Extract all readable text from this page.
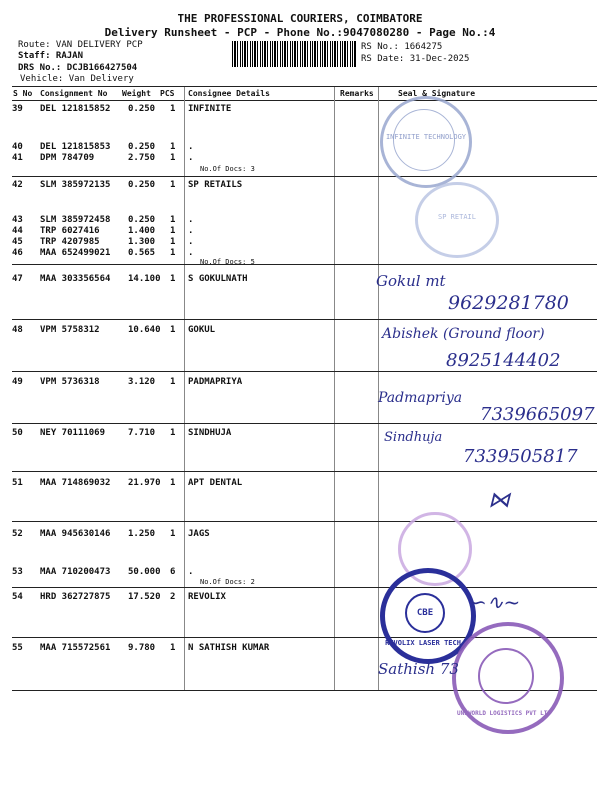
THE PROFESSIONAL COURIERS, COIMBATORE
Delivery Runsheet - PCP - Phone No.:9047080280 - Page No.:4
Route: VAN DELIVERY PCP
Staff: RAJAN
DRS No.: DCJB166427504
Vehicle: Van Delivery
RS No.: 1664275
RS Date: 31-Dec-2025
S No Consignment No Weight PCS Consignee Details	Remarks	Seal & Signature
39 DEL 121815852 0.250 1 INFINITE
40 DEL 121815853 0.250 1 .
41 DPM 784709	2.750 1 .
No.Of Docs: 3
42 SLM 385972135 0.250 1 SP RETAILS
43 SLM 385972458 0.250 1 .
44 TRP 6027416	1.400 1 .
45 TRP 4207985	1.300 1 .
46 MAA 652499021 0.565 1 .
No.Of Docs: 5
47 MAA 303356564 14.100 1 S GOKULNATH
48 VPM 5758312	10.640 1 GOKUL
49 VPM 5736318	3.120 1 PADMAPRIYA
50 NEY 70111069	7.710 1 SINDHUJA
51 MAA 714869032 21.970 1 APT DENTAL
52 MAA 945630146 1.250 1 JAGS
53 MAA 710200473 50.000 6 .
No.Of Docs: 2
54 HRD 362727875 17.520 2 REVOLIX
55 MAA 715572561 9.780 1 N SATHISH KUMAR
INFINITE TECHNOLOGY
SP RETAIL
CBE
REVOLIX LASER TECH
UNIWORLD LOGISTICS PVT LTD
Gokul mt
9629281780
Abishek (Ground floor)
8925144402
Padmapriya
7339665097
Sindhuja
7339505817
∽∿~
Sathish 73
⋈
